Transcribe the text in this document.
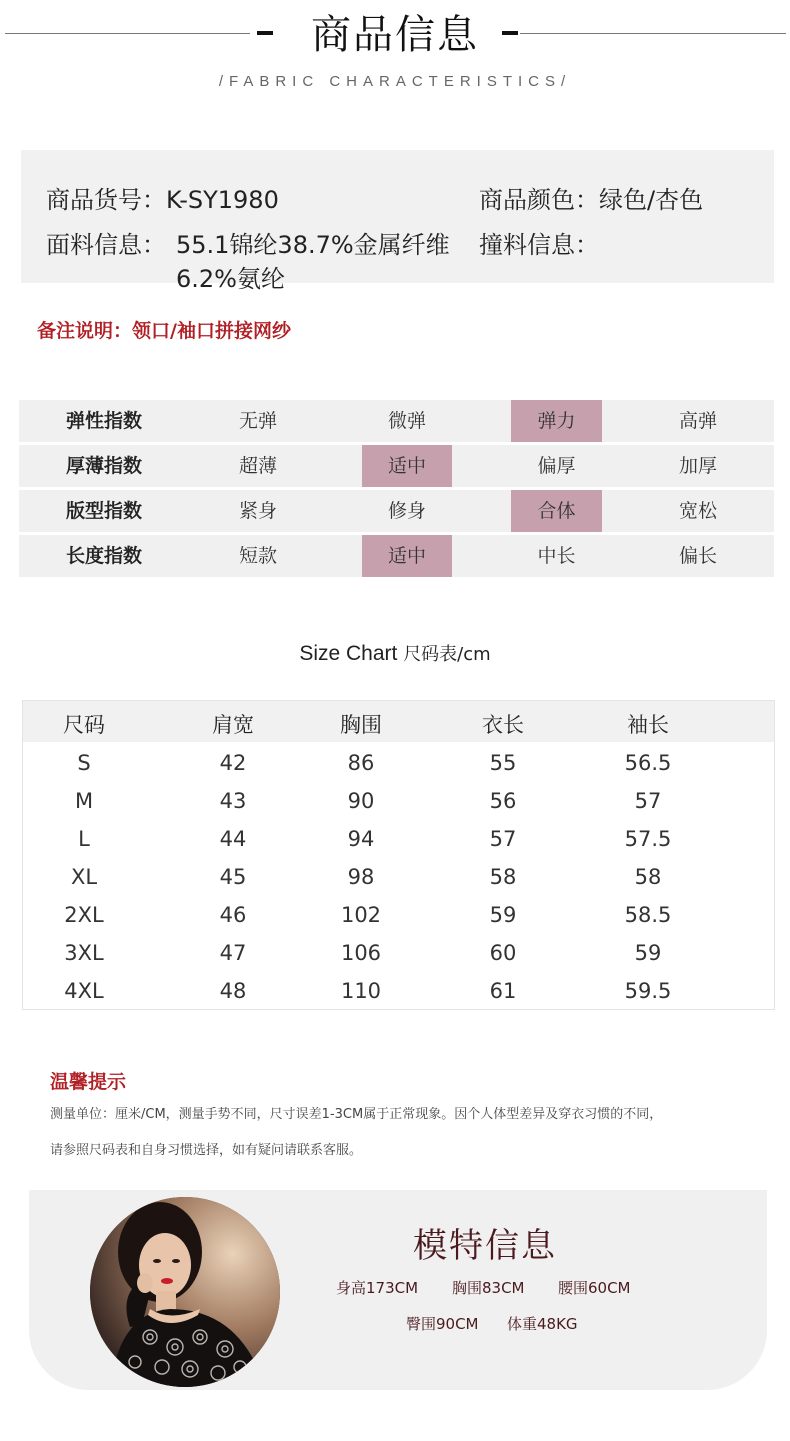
商品信息
/FABRIC CHARACTERISTICS/
商品货号：K-SY1980	商品颜色：绿色/杏色
面料信息： 55.1锦纶38.7%金属纤维6.2%氨纶
撞料信息：
备注说明：领口/袖口拼接网纱
弹性指数	无弹	微弹	弹力	高弹
厚薄指数	超薄	适中	偏厚	加厚
版型指数	紧身	修身	合体	宽松
长度指数	短款	适中	中长	偏长
Size Chart 尺码表/cm
尺码	肩宽	胸围	衣长	袖长
S	42	86	55	56.5
M	43	90	56	57
L	44	94	57	57.5
XL	45	98	58	58
2XL	46	102	59	58.5
3XL	47	106	60	59
4XL	48	110	61	59.5
温馨提示
测量单位：厘米/CM，测量手势不同，尺寸误差1-3CM属于正常现象。因个人体型差异及穿衣习惯的不同，
请参照尺码表和自身习惯选择，如有疑问请联系客服。
模特信息
身高173CM 胸围83CM 腰围60CM
臀围90CM 体重48KG
